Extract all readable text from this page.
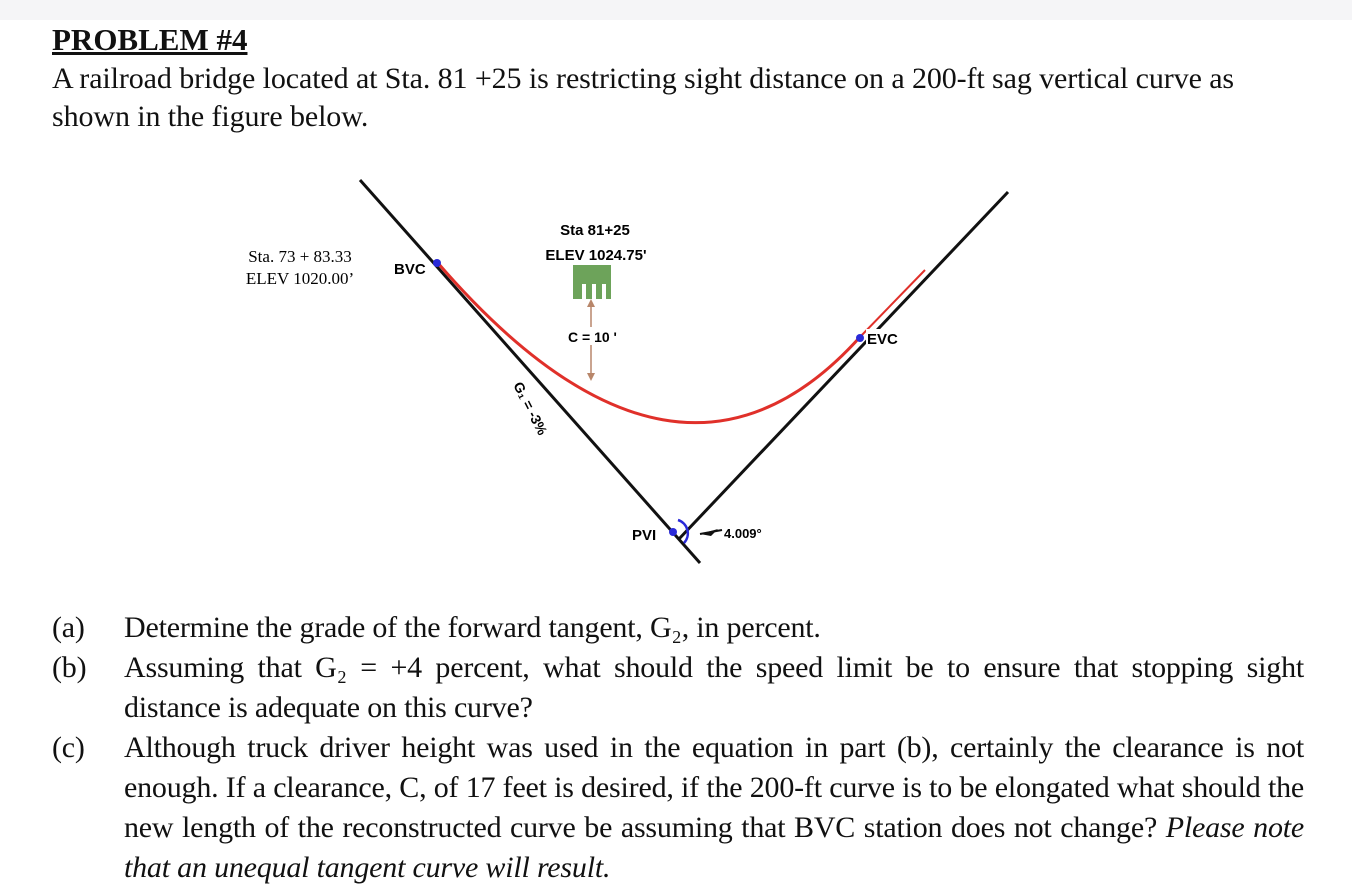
PROBLEM #4

A railroad bridge located at Sta. 81 +25 is restricting sight distance on a 200-ft sag vertical curve as shown in the figure below.

Sta. 73 + 83.33
ELEV 1020.00’	BVC
Sta 81+25
ELEV 1024.75'
C = 10 '
G₁ = -3%
EVC
PVI	4.009°
(a)	Determine the grade of the forward tangent, G₂, in percent.
(b)	Assuming that G₂ = +4 percent, what should the speed limit be to ensure that stopping sight distance is adequate on this curve?
(c)	Although truck driver height was used in the equation in part (b), certainly the clearance is not enough. If a clearance, C, of 17 feet is desired, if the 200-ft curve is to be elongated what should the new length of the reconstructed curve be assuming that BVC station does not change? Please note that an unequal tangent curve will result.
